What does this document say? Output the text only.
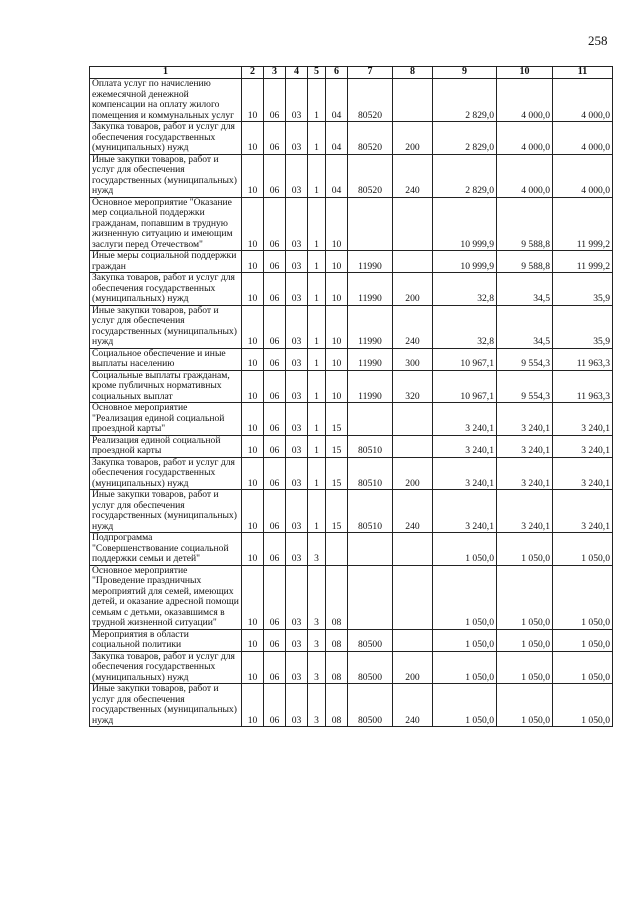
258
1	2	3	4	5	6	7	8	9	10	11
Оплата услуг по начислению ежемесячной денежной компенсации на оплату жилого помещения и коммунальных услуг	10	06	03	1	04	80520		2 829,0	4 000,0	4 000,0
Закупка товаров, работ и услуг для обеспечения государственных (муниципальных) нужд	10	06	03	1	04	80520	200	2 829,0	4 000,0	4 000,0
Иные закупки товаров, работ и услуг для обеспечения государственных (муниципальных) нужд	10	06	03	1	04	80520	240	2 829,0	4 000,0	4 000,0
Основное мероприятие "Оказание мер социальной поддержки гражданам, попавшим в трудную жизненную ситуацию и имеющим заслуги перед Отечеством"	10	06	03	1	10			10 999,9	9 588,8	11 999,2
Иные меры социальной поддержки граждан	10	06	03	1	10	11990		10 999,9	9 588,8	11 999,2
Закупка товаров, работ и услуг для обеспечения государственных (муниципальных) нужд	10	06	03	1	10	11990	200	32,8	34,5	35,9
Иные закупки товаров, работ и услуг для обеспечения государственных (муниципальных) нужд	10	06	03	1	10	11990	240	32,8	34,5	35,9
Социальное обеспечение и иные выплаты населению	10	06	03	1	10	11990	300	10 967,1	9 554,3	11 963,3
Социальные выплаты гражданам, кроме публичных нормативных социальных выплат	10	06	03	1	10	11990	320	10 967,1	9 554,3	11 963,3
Основное мероприятие "Реализация единой социальной проездной карты"	10	06	03	1	15			3 240,1	3 240,1	3 240,1
Реализация единой социальной проездной карты	10	06	03	1	15	80510		3 240,1	3 240,1	3 240,1
Закупка товаров, работ и услуг для обеспечения государственных (муниципальных) нужд	10	06	03	1	15	80510	200	3 240,1	3 240,1	3 240,1
Иные закупки товаров, работ и услуг для обеспечения государственных (муниципальных) нужд	10	06	03	1	15	80510	240	3 240,1	3 240,1	3 240,1
Подпрограмма "Совершенствование социальной поддержки семьи и детей"	10	06	03	3				1 050,0	1 050,0	1 050,0
Основное мероприятие "Проведение праздничных мероприятий для семей, имеющих детей, и оказание адресной помощи семьям с детьми, оказавшимся в трудной жизненной ситуации"	10	06	03	3	08			1 050,0	1 050,0	1 050,0
Мероприятия в области социальной политики	10	06	03	3	08	80500		1 050,0	1 050,0	1 050,0
Закупка товаров, работ и услуг для обеспечения государственных (муниципальных) нужд	10	06	03	3	08	80500	200	1 050,0	1 050,0	1 050,0
Иные закупки товаров, работ и услуг для обеспечения государственных (муниципальных) нужд	10	06	03	3	08	80500	240	1 050,0	1 050,0	1 050,0
